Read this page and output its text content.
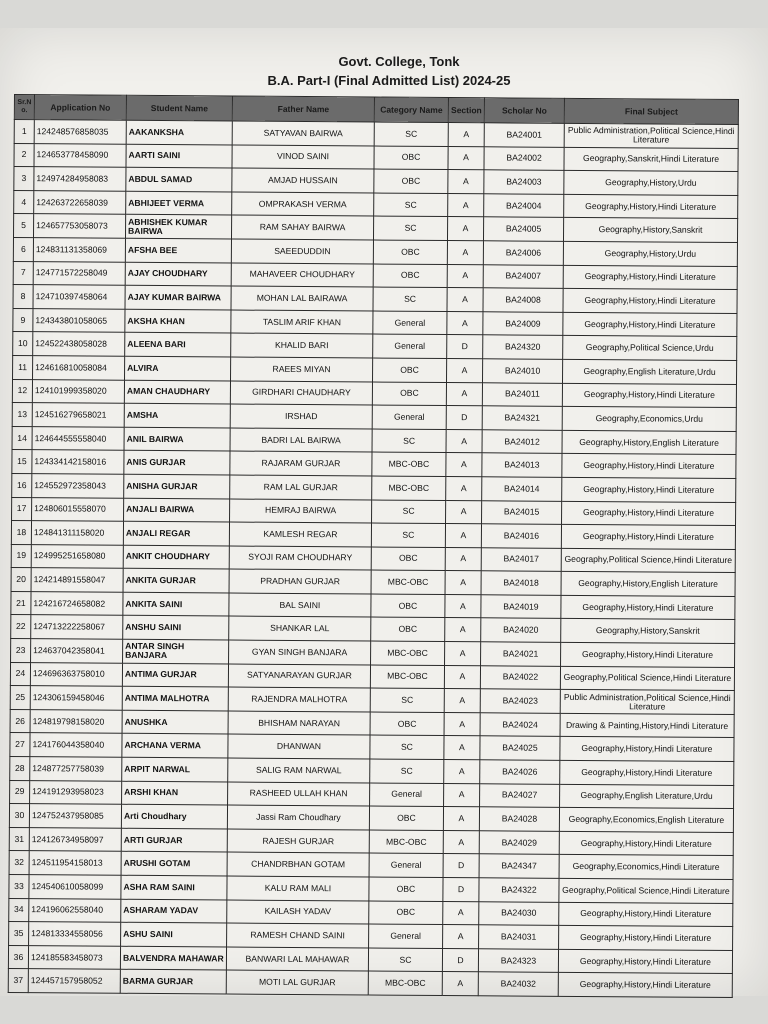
Govt. College, Tonk
B.A. Part-I (Final Admitted List) 2024-25
Sr.N o.	Application No	Student Name	Father Name	Category Name	Section	Scholar No	Final Subject
1	124248576858035	AAKANKSHA	SATYAVAN BAIRWA	SC	A	BA24001	Public Administration,Political Science,Hindi Literature
2	124653778458090	AARTI SAINI	VINOD SAINI	OBC	A	BA24002	Geography,Sanskrit,Hindi Literature
3	124974284958083	ABDUL SAMAD	AMJAD HUSSAIN	OBC	A	BA24003	Geography,History,Urdu
4	124263722658039	ABHIJEET VERMA	OMPRAKASH VERMA	SC	A	BA24004	Geography,History,Hindi Literature
5	124657753058073	ABHISHEK KUMAR BAIRWA	RAM SAHAY BAIRWA	SC	A	BA24005	Geography,History,Sanskrit
6	124831131358069	AFSHA BEE	SAEEDUDDIN	OBC	A	BA24006	Geography,History,Urdu
7	124771572258049	AJAY CHOUDHARY	MAHAVEER CHOUDHARY	OBC	A	BA24007	Geography,History,Hindi Literature
8	124710397458064	AJAY KUMAR BAIRWA	MOHAN LAL BAIRAWA	SC	A	BA24008	Geography,History,Hindi Literature
9	124343801058065	AKSHA KHAN	TASLIM ARIF KHAN	General	A	BA24009	Geography,History,Hindi Literature
10	124522438058028	ALEENA BARI	KHALID BARI	General	D	BA24320	Geography,Political Science,Urdu
11	124616810058084	ALVIRA	RAEES MIYAN	OBC	A	BA24010	Geography,English Literature,Urdu
12	124101999358020	AMAN CHAUDHARY	GIRDHARI CHAUDHARY	OBC	A	BA24011	Geography,History,Hindi Literature
13	124516279658021	AMSHA	IRSHAD	General	D	BA24321	Geography,Economics,Urdu
14	124644555558040	ANIL BAIRWA	BADRI LAL BAIRWA	SC	A	BA24012	Geography,History,English Literature
15	124334142158016	ANIS GURJAR	RAJARAM GURJAR	MBC-OBC	A	BA24013	Geography,History,Hindi Literature
16	124552972358043	ANISHA GURJAR	RAM LAL GURJAR	MBC-OBC	A	BA24014	Geography,History,Hindi Literature
17	124806015558070	ANJALI BAIRWA	HEMRAJ BAIRWA	SC	A	BA24015	Geography,History,Hindi Literature
18	124841311158020	ANJALI REGAR	KAMLESH REGAR	SC	A	BA24016	Geography,History,Hindi Literature
19	124995251658080	ANKIT CHOUDHARY	SYOJI RAM CHOUDHARY	OBC	A	BA24017	Geography,Political Science,Hindi Literature
20	124214891558047	ANKITA GURJAR	PRADHAN GURJAR	MBC-OBC	A	BA24018	Geography,History,English Literature
21	124216724658082	ANKITA SAINI	BAL SAINI	OBC	A	BA24019	Geography,History,Hindi Literature
22	124713222258067	ANSHU SAINI	SHANKAR LAL	OBC	A	BA24020	Geography,History,Sanskrit
23	124637042358041	ANTAR SINGH BANJARA	GYAN SINGH BANJARA	MBC-OBC	A	BA24021	Geography,History,Hindi Literature
24	124696363758010	ANTIMA GURJAR	SATYANARAYAN GURJAR	MBC-OBC	A	BA24022	Geography,Political Science,Hindi Literature
25	124306159458046	ANTIMA MALHOTRA	RAJENDRA MALHOTRA	SC	A	BA24023	Public Administration,Political Science,Hindi Literature
26	124819798158020	ANUSHKA	BHISHAM NARAYAN	OBC	A	BA24024	Drawing & Painting,History,Hindi Literature
27	124176044358040	ARCHANA VERMA	DHANWAN	SC	A	BA24025	Geography,History,Hindi Literature
28	124877257758039	ARPIT NARWAL	SALIG RAM NARWAL	SC	A	BA24026	Geography,History,Hindi Literature
29	124191293958023	ARSHI KHAN	RASHEED ULLAH KHAN	General	A	BA24027	Geography,English Literature,Urdu
30	124752437958085	Arti Choudhary	Jassi Ram Choudhary	OBC	A	BA24028	Geography,Economics,English Literature
31	124126734958097	ARTI GURJAR	RAJESH GURJAR	MBC-OBC	A	BA24029	Geography,History,Hindi Literature
32	124511954158013	ARUSHI GOTAM	CHANDRBHAN GOTAM	General	D	BA24347	Geography,Economics,Hindi Literature
33	124540610058099	ASHA RAM SAINI	KALU RAM MALI	OBC	D	BA24322	Geography,Political Science,Hindi Literature
34	124196062558040	ASHARAM YADAV	KAILASH YADAV	OBC	A	BA24030	Geography,History,Hindi Literature
35	124813334558056	ASHU SAINI	RAMESH CHAND SAINI	General	A	BA24031	Geography,History,Hindi Literature
36	124185583458073	BALVENDRA MAHAWAR	BANWARI LAL MAHAWAR	SC	D	BA24323	Geography,History,Hindi Literature
37	124457157958052	BARMA GURJAR	MOTI LAL GURJAR	MBC-OBC	A	BA24032	Geography,History,Hindi Literature
